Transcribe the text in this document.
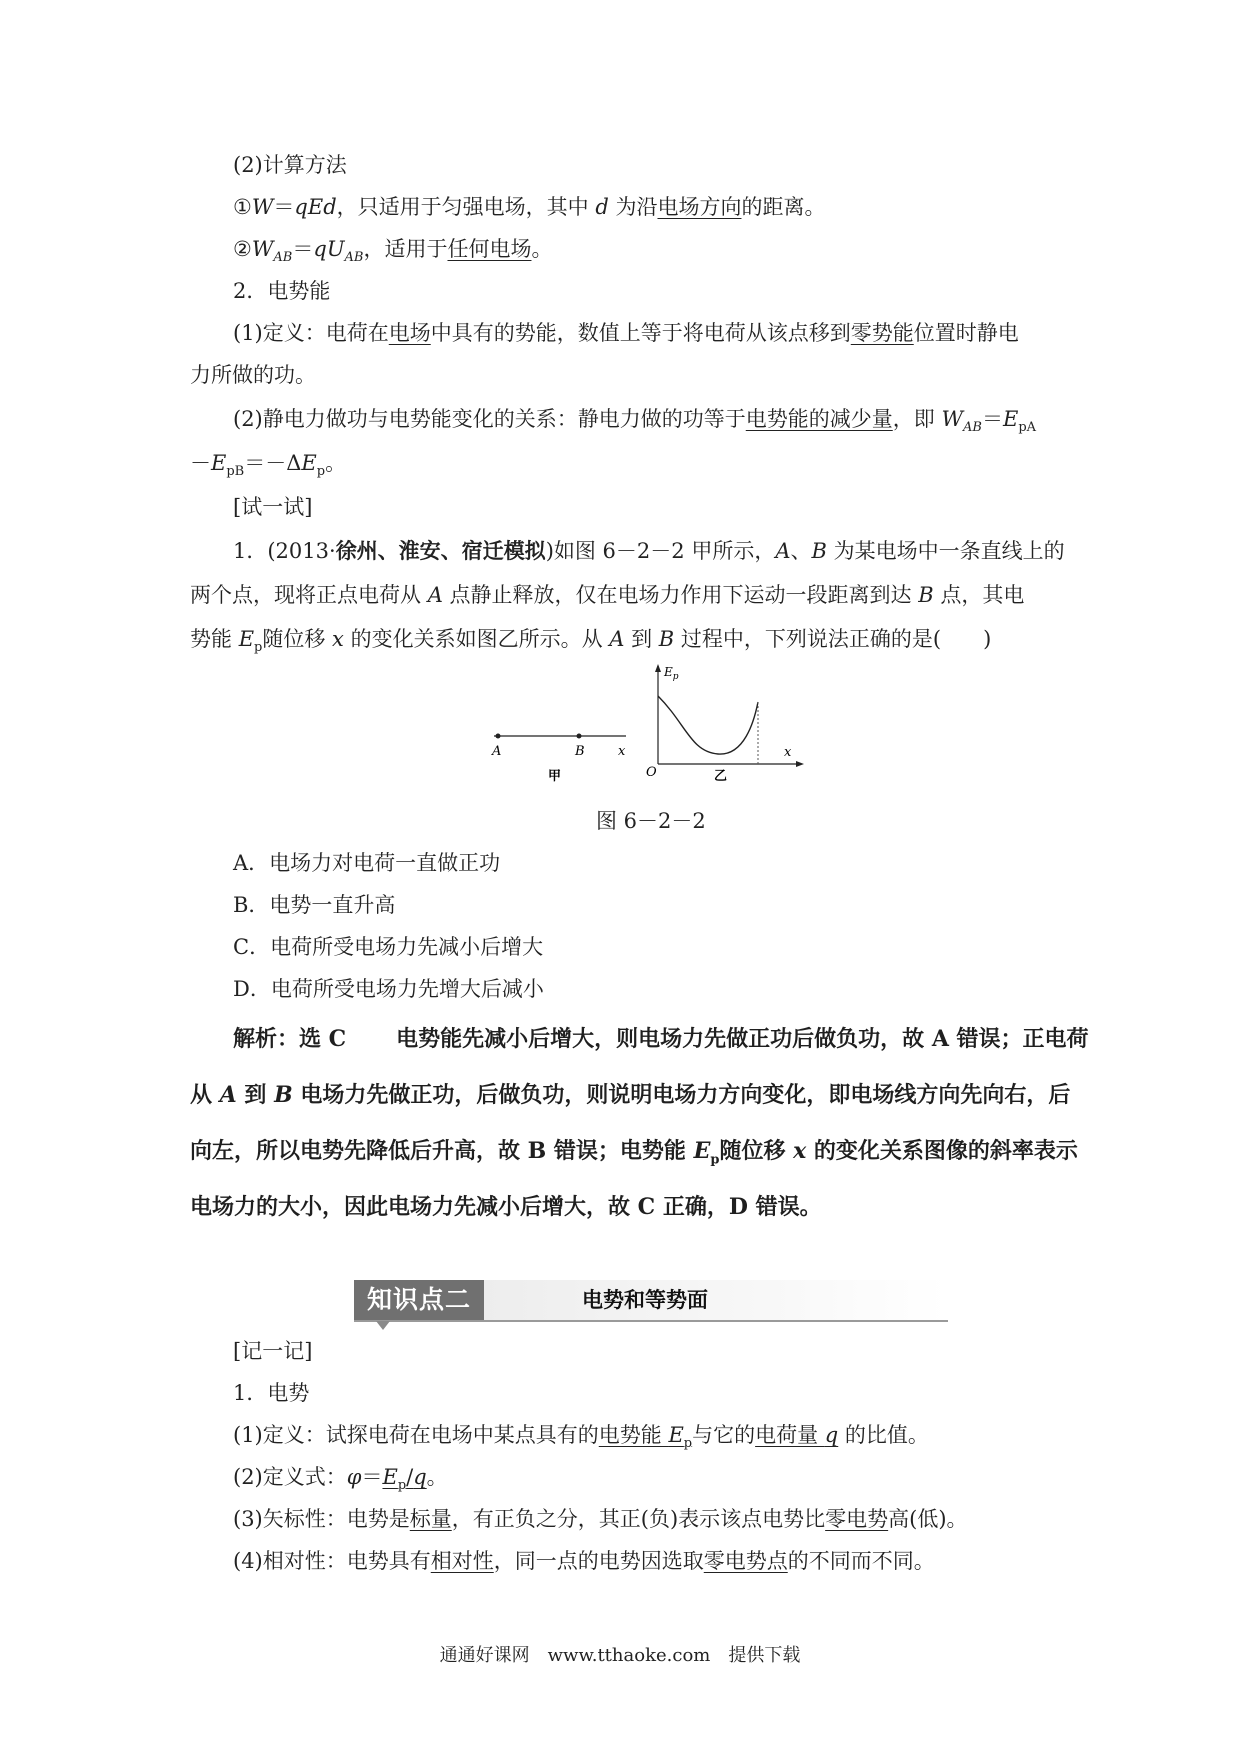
(2)计算方法
①W＝qEd，只适用于匀强电场，其中 d 为沿电场方向的距离。
$②W_{AB}=qU_{AB}$，适用于任何电场。
2．电势能
(1)定义：电荷在电场中具有的势能，数值上等于将电荷从该点移到零势能位置时静电
力所做的功。
(2)静电力做功与电势能变化的关系：静电力做的功等于电势能的减少量，即 $W_{AB}=E_{pA}$
$-E_{pB}=-\Delta E_p$。
[试一试]
1．(2013·徐州、淮安、宿迁模拟)如图 6－2－2 甲所示，A、B 为某电场中一条直线上的
两个点，现将正点电荷从 A 点静止释放，仅在电场力作用下运动一段距离到达 B 点，其电
势能 $E_p$随位移 x 的变化关系如图乙所示。从 A 到 B 过程中，下列说法正确的是(　　)
A	B	x
甲
$E_p$
x
O	乙
图 6－2－2
A．电场力对电荷一直做正功
B．电势一直升高
C．电荷所受电场力先减小后增大
D．电荷所受电场力先增大后减小
解析：选 C 电势能先减小后增大，则电场力先做正功后做负功，故 A 错误；正电荷
从 A 到 B 电场力先做正功，后做负功，则说明电场力方向变化，即电场线方向先向右，后
向左，所以电势先降低后升高，故 B 错误；电势能 $E_p$随位移 x 的变化关系图像的斜率表示
电场力的大小，因此电场力先减小后增大，故 C 正确，D 错误。
知识点二	电势和等势面
[记一记]
1．电势
(1)定义：试探电荷在电场中某点具有的电势能 $E_p$与它的电荷量 q 的比值。
(2)定义式：$\varphi=E_p/q$。
(3)矢标性：电势是标量，有正负之分，其正(负)表示该点电势比零电势高(低)。
(4)相对性：电势具有相对性，同一点的电势因选取零电势点的不同而不同。
通通好课网　www.tthaoke.com　提供下载
